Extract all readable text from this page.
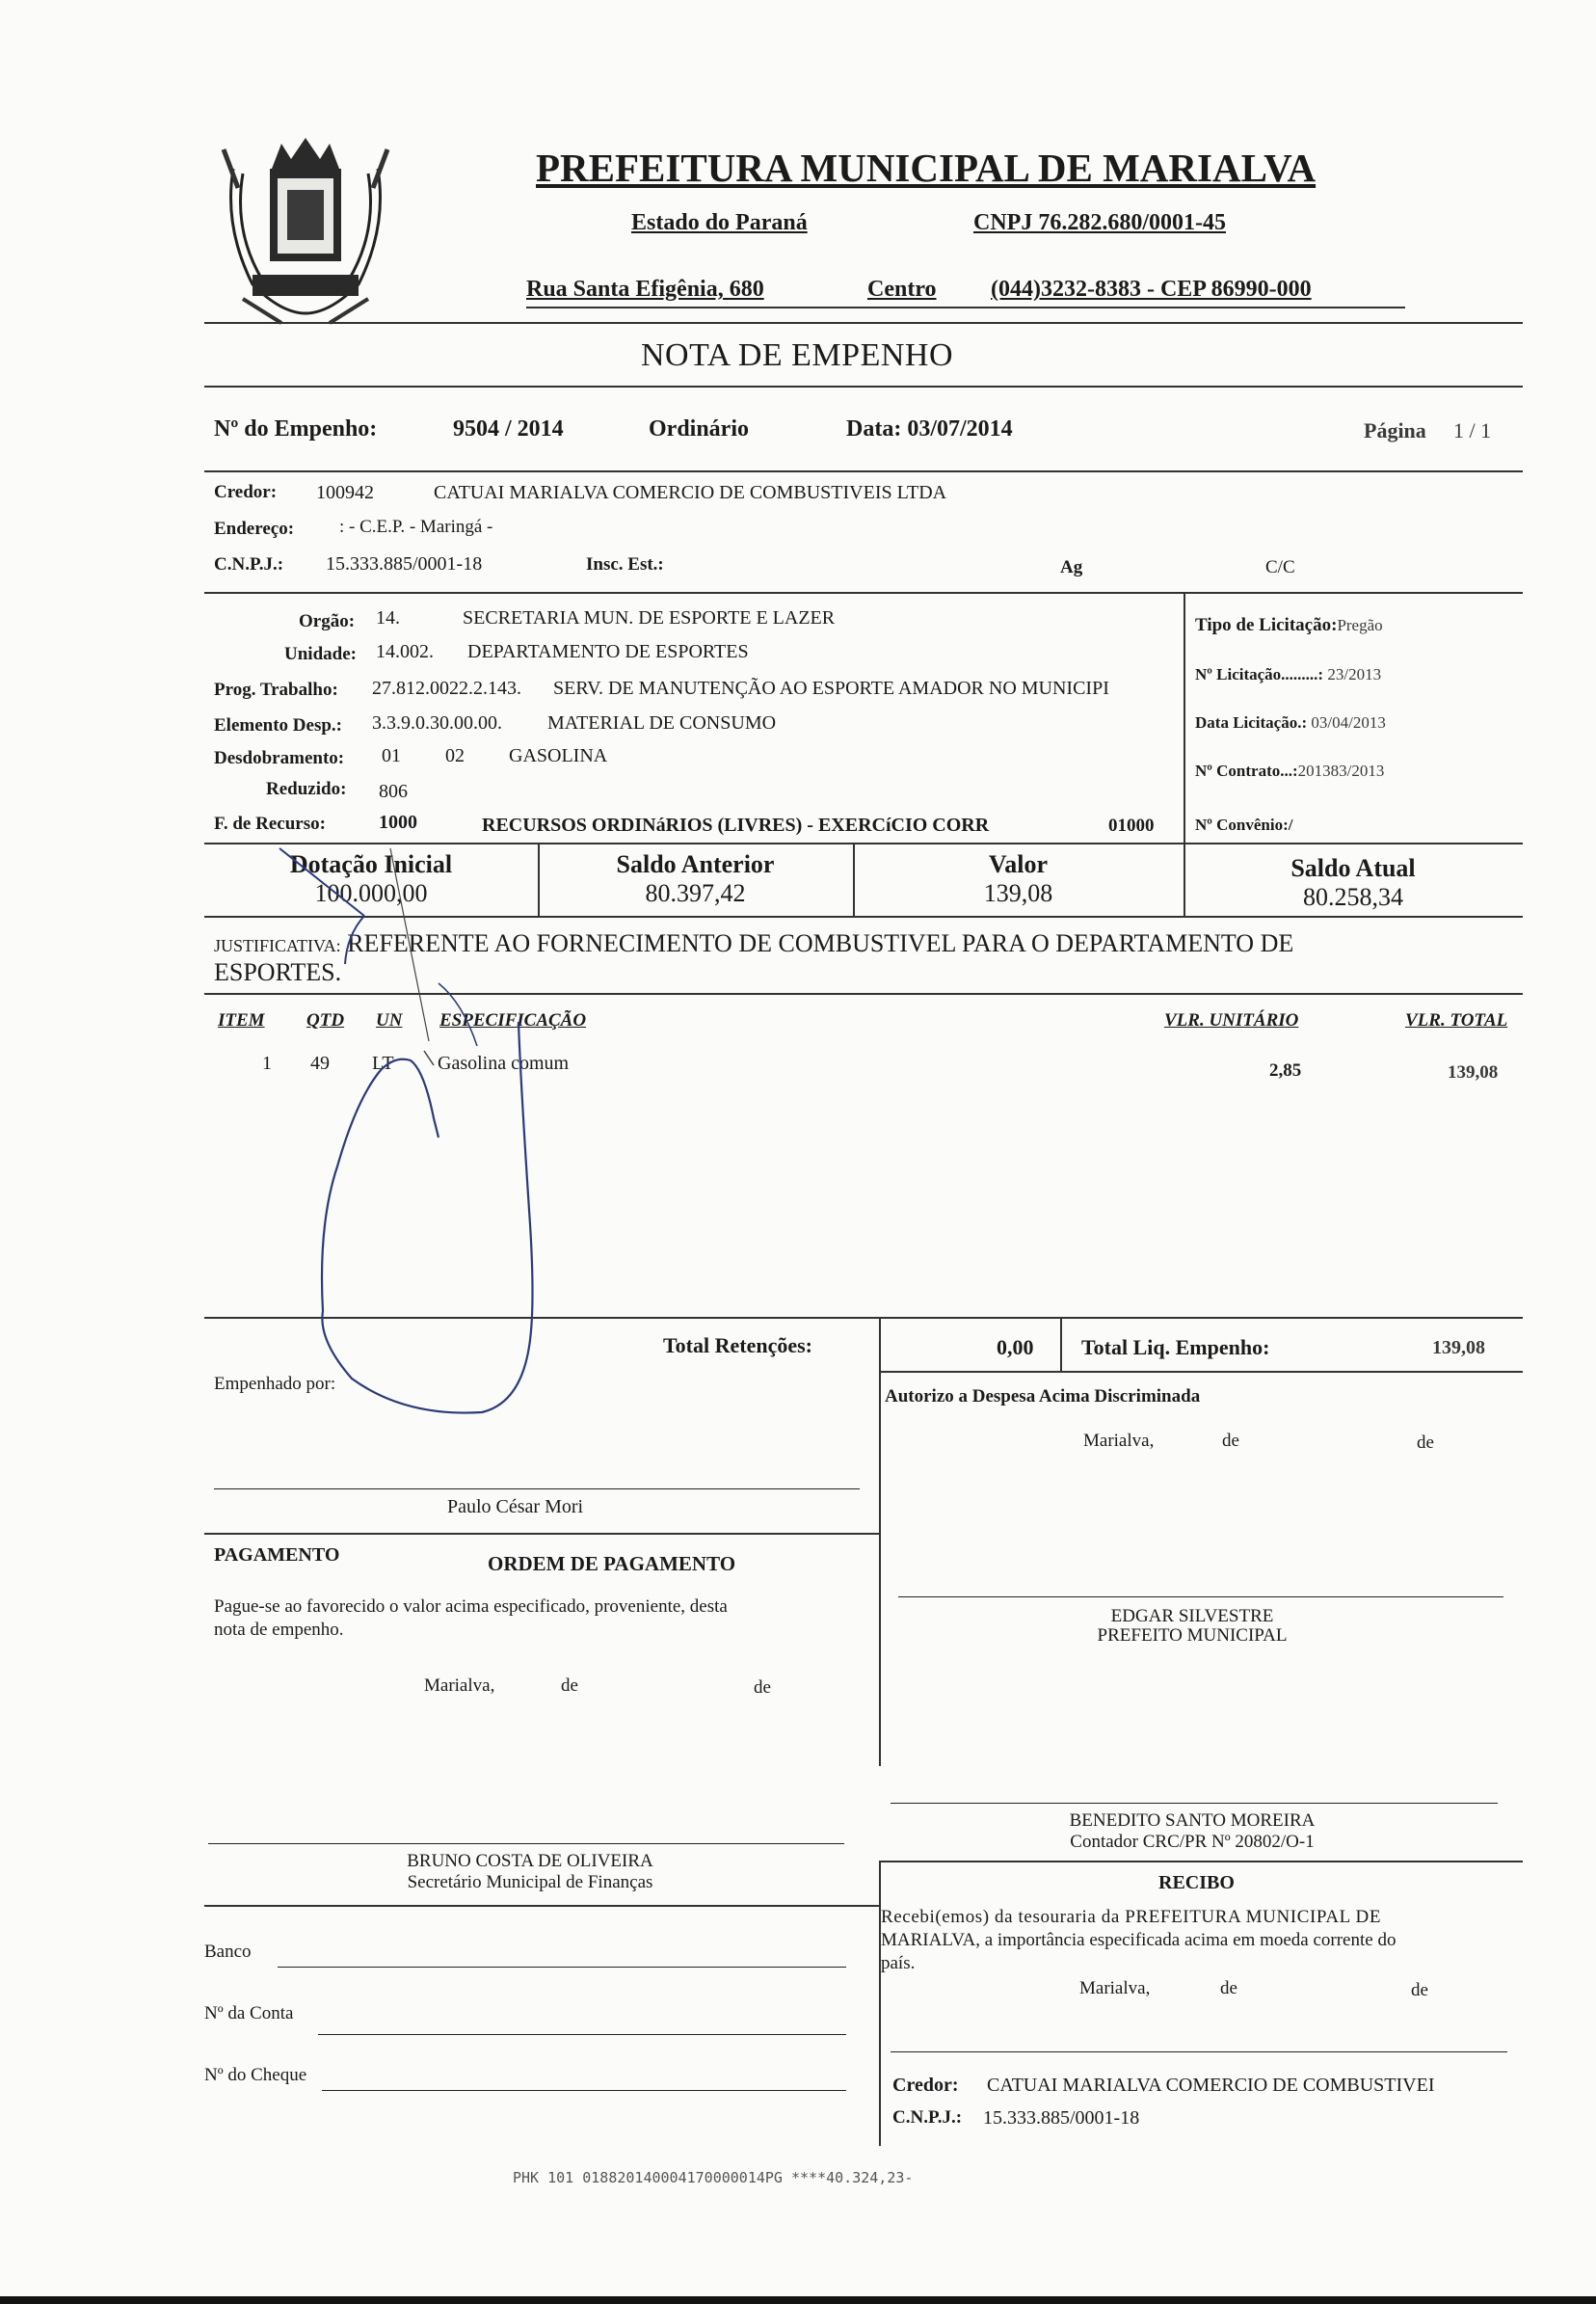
PREFEITURA MUNICIPAL DE MARIALVA
Estado do Paraná	CNPJ 76.282.680/0001-45
Rua Santa Efigênia, 680	Centro (044)3232-8383 - CEP 86990-000
NOTA DE EMPENHO
Nº do Empenho:	9504 / 2014	Ordinário	Data: 03/07/2014	Página 1 / 1
Credor: 100942	CATUAI MARIALVA COMERCIO DE COMBUSTIVEIS LTDA
Endereço: : - C.E.P. - Maringá -
C.N.P.J.: 15.333.885/0001-18	Insc. Est.:	Ag	C/C
Orgão: 14.	SECRETARIA MUN. DE ESPORTE E LAZER
Unidade: 14.002. DEPARTAMENTO DE ESPORTES
Prog. Trabalho: 27.812.0022.2.143. SERV. DE MANUTENÇÃO AO ESPORTE AMADOR NO MUNICIPI
Elemento Desp.: 3.3.9.0.30.00.00. MATERIAL DE CONSUMO
Desdobramento: 01 02 GASOLINA
Reduzido: 806
F. de Recurso:	1000	RECURSOS ORDINáRIOS (LIVRES) - EXERCíCIO CORR	01000
Tipo de Licitação:Pregão
Nº Licitação.........: 23/2013
Data Licitação.: 03/04/2013
Nº Contrato...:201383/2013
Nº Convênio:/
Dotação Inicial
100.000,00
Saldo Anterior
80.397,42
Valor
139,08
Saldo Atual
80.258,34
JUSTIFICATIVA: REFERENTE AO FORNECIMENTO DE COMBUSTIVEL PARA O DEPARTAMENTO DE
ESPORTES.
ITEM QTD UN ESPECIFICAÇÃO	VLR. UNITÁRIO	VLR. TOTAL
1 49 LT Gasolina comum	2,85	139,08
Total Retenções:	0,00 Total Liq. Empenho:	139,08
Empenhado por:
Paulo César Mori
Autorizo a Despesa Acima Discriminada
Marialva,	de	de
PAGAMENTO	ORDEM DE PAGAMENTO
Pague-se ao favorecido o valor acima especificado, proveniente, desta
nota de empenho.
Marialva,	de	de
EDGAR SILVESTRE
PREFEITO MUNICIPAL
BENEDITO SANTO MOREIRA
Contador CRC/PR Nº 20802/O-1
BRUNO COSTA DE OLIVEIRA
Secretário Municipal de Finanças	RECIBO
Recebi(emos) da tesouraria da PREFEITURA MUNICIPAL DE
MARIALVA, a importância especificada acima em moeda corrente do
país.
Marialva,	de	de
Credor: CATUAI MARIALVA COMERCIO DE COMBUSTIVEI
C.N.P.J.: 15.333.885/0001-18
Banco
Nº da Conta
Nº do Cheque
PHK 101 018820140004170000014PG ****40.324,23-
